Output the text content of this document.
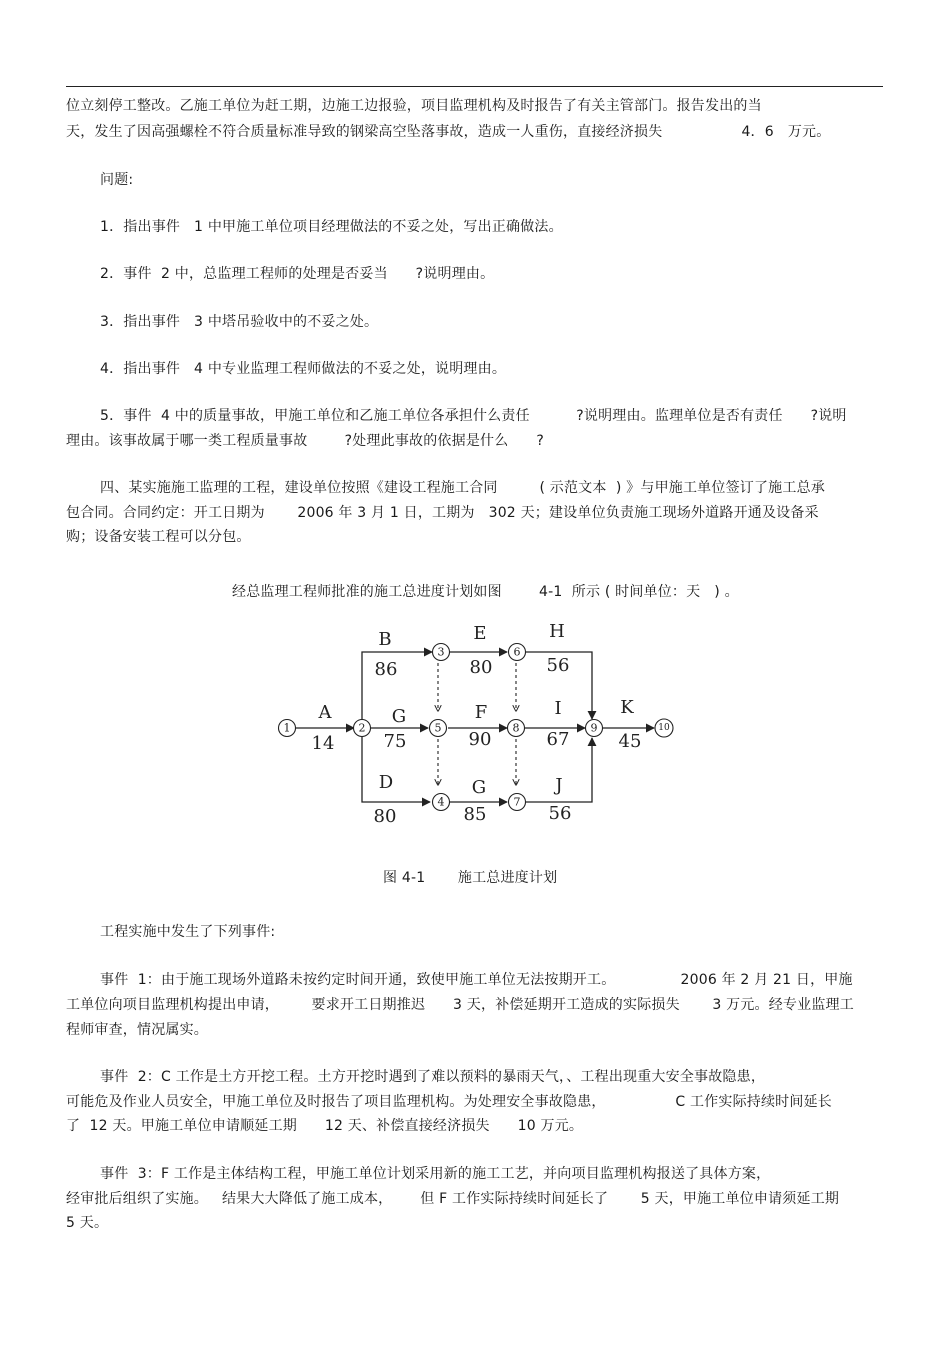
位立刻停工整改。乙施工单位为赶工期，边施工边报验，项目监理机构及时报告了有关主管部门。报告发出的当
天，发生了因高强螺栓不符合质量标准导致的钢梁高空坠落事故，造成一人重伤，直接经济损失                 4．6   万元。
问题:
1．指出事件   1 中甲施工单位项目经理做法的不妥之处，写出正确做法。
2．事件  2 中，总监理工程师的处理是否妥当      ?说明理由。
3．指出事件   3 中塔吊验收中的不妥之处。
4．指出事件   4 中专业监理工程师做法的不妥之处，说明理由。
5．事件  4 中的质量事故，甲施工单位和乙施工单位各承担什么责任          ?说明理由。监理单位是否有责任      ?说明
理由。该事故属于哪一类工程质量事故        ?处理此事故的依据是什么      ?
四、某实施施工监理的工程，建设单位按照《建设工程施工合同         ( 示范文本  ) 》与甲施工单位签订了施工总承
包合同。合同约定：开工日期为       2006 年 3 月 1 日，工期为   302 天；建设单位负责施工现场外道路开通及设备采
购；设备安装工程可以分包。
经总监理工程师批准的施工总进度计划如图        4-1  所示 ( 时间单位：天   ) 。
1	2
3
5
4
6
8
7
9	10
A
14
B
86
G
75
D
80
E
80
F
90
G
85
H
56
I
67
J
56
K
45
图 4-1       施工总进度计划
工程实施中发生了下列事件:
事件  1：由于施工现场外道路未按约定时间开通，致使甲施工单位无法按期开工。              2006 年 2 月 21 日，甲施
工单位向项目监理机构提出申请，       要求开工日期推迟      3 天，补偿延期开工造成的实际损失       3 万元。经专业监理工
程师审查，情况属实。
事件  2：C 工作是土方开挖工程。土方开挖时遇到了难以预料的暴雨天气，、工程出现重大安全事故隐患，
可能危及作业人员安全，甲施工单位及时报告了项目监理机构。为处理安全事故隐患，               C 工作实际持续时间延长
了  12 天。甲施工单位申请顺延工期      12 天、补偿直接经济损失      10 万元。
事件  3：F 工作是主体结构工程，甲施工单位计划采用新的施工工艺，并向项目监理机构报送了具体方案，
经审批后组织了实施。   结果大大降低了施工成本，      但 F 工作实际持续时间延长了       5 天，甲施工单位申请须延工期
5 天。
